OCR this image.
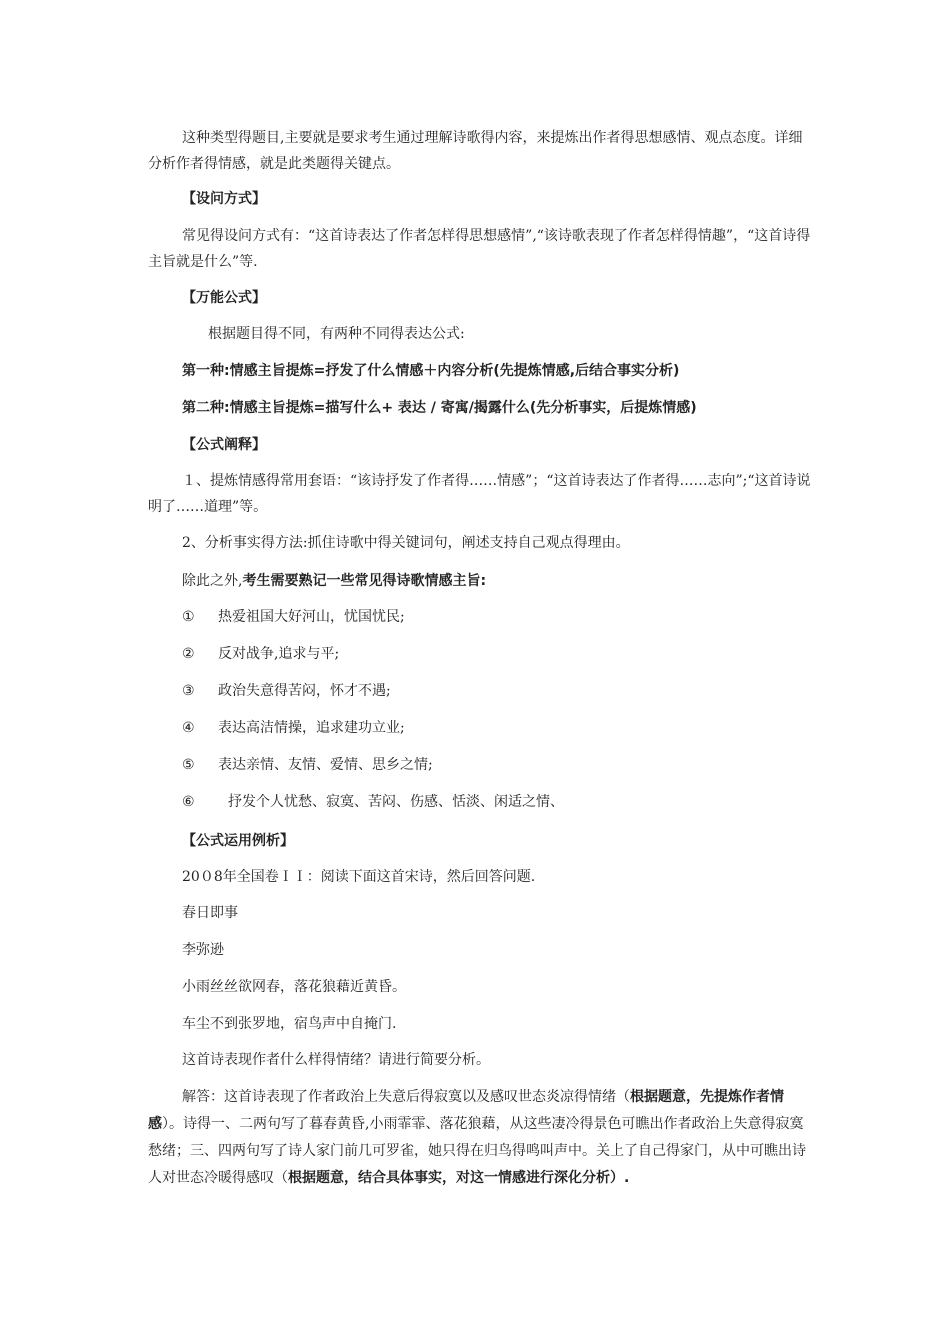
这种类型得题目,主要就是要求考生通过理解诗歌得内容，来提炼出作者得思想感情、观点态度。详细分析作者得情感，就是此类题得关键点。
【设问方式】
常见得设问方式有：“这首诗表达了作者怎样得思想感情”,“该诗歌表现了作者怎样得情趣”，“这首诗得主旨就是什么”等.
【万能公式】
根据题目得不同，有两种不同得表达公式:
第一种:情感主旨提炼=抒发了什么情感＋内容分析(先提炼情感,后结合事实分析)
第二种:情感主旨提炼=描写什么+ 表达 / 寄寓/揭露什么(先分析事实，后提炼情感)
【公式阐释】
１、提炼情感得常用套语：“该诗抒发了作者得……情感”；“这首诗表达了作者得……志向”;“这首诗说明了……道理”等。
2、分析事实得方法:抓住诗歌中得关键词句，阐述支持自己观点得理由。
除此之外,考生需要熟记一些常见得诗歌情感主旨:
① 热爱祖国大好河山，忧国忧民;
② 反对战争,追求与平;
③ 政治失意得苦闷，怀才不遇;
④ 表达高洁情操，追求建功立业;
⑤ 表达亲情、友情、爱情、思乡之情;
⑥ 抒发个人忧愁、寂寞、苦闷、伤感、恬淡、闲适之情、
【公式运用例析】
20０8年全国卷ＩＩ：阅读下面这首宋诗，然后回答问题.
春日即事
李弥逊
小雨丝丝欲网春，落花狼藉近黄昏。
车尘不到张罗地，宿鸟声中自掩门.
这首诗表现作者什么样得情绪？请进行简要分析。
解答：这首诗表现了作者政治上失意后得寂寞以及感叹世态炎凉得情绪（根据题意，先提炼作者情感）。诗得一、二两句写了暮春黄昏,小雨霏霏、落花狼藉，从这些凄冷得景色可瞧出作者政治上失意得寂寞愁绪；三、四两句写了诗人家门前几可罗雀，她只得在归鸟得鸣叫声中。关上了自己得家门，从中可瞧出诗人对世态冷暖得感叹（根据题意，结合具体事实，对这一情感进行深化分析）.
